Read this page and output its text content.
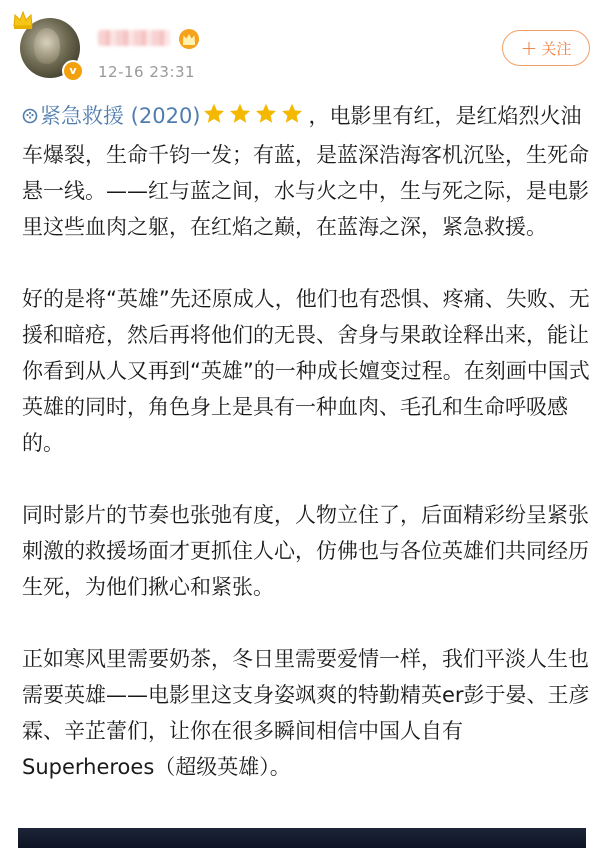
v	12-16 23:31
+ 关注

紧急救援 (2020)	，电影里有红，是红焰烈火油车爆裂，生命千钧一发；有蓝，是蓝深浩海客机沉坠，生死命悬一线。——红与蓝之间，水与火之中，生与死之际，是电影里这些血肉之躯，在红焰之巅，在蓝海之深，紧急救援。

好的是将“英雄”先还原成人，他们也有恐惧、疼痛、失败、无援和暗疮，然后再将他们的无畏、舍身与果敢诠释出来，能让你看到从人又再到“英雄”的一种成长嬗变过程。在刻画中国式英雄的同时，角色身上是具有一种血肉、毛孔和生命呼吸感的。

同时影片的节奏也张弛有度，人物立住了，后面精彩纷呈紧张刺激的救援场面才更抓住人心，仿佛也与各位英雄们共同经历生死，为他们揪心和紧张。

正如寒风里需要奶茶，冬日里需要爱情一样，我们平淡人生也需要英雄——电影里这支身姿飒爽的特勤精英er彭于晏、王彦霖、辛芷蕾们，让你在很多瞬间相信中国人自有Superheroes（超级英雄）。
